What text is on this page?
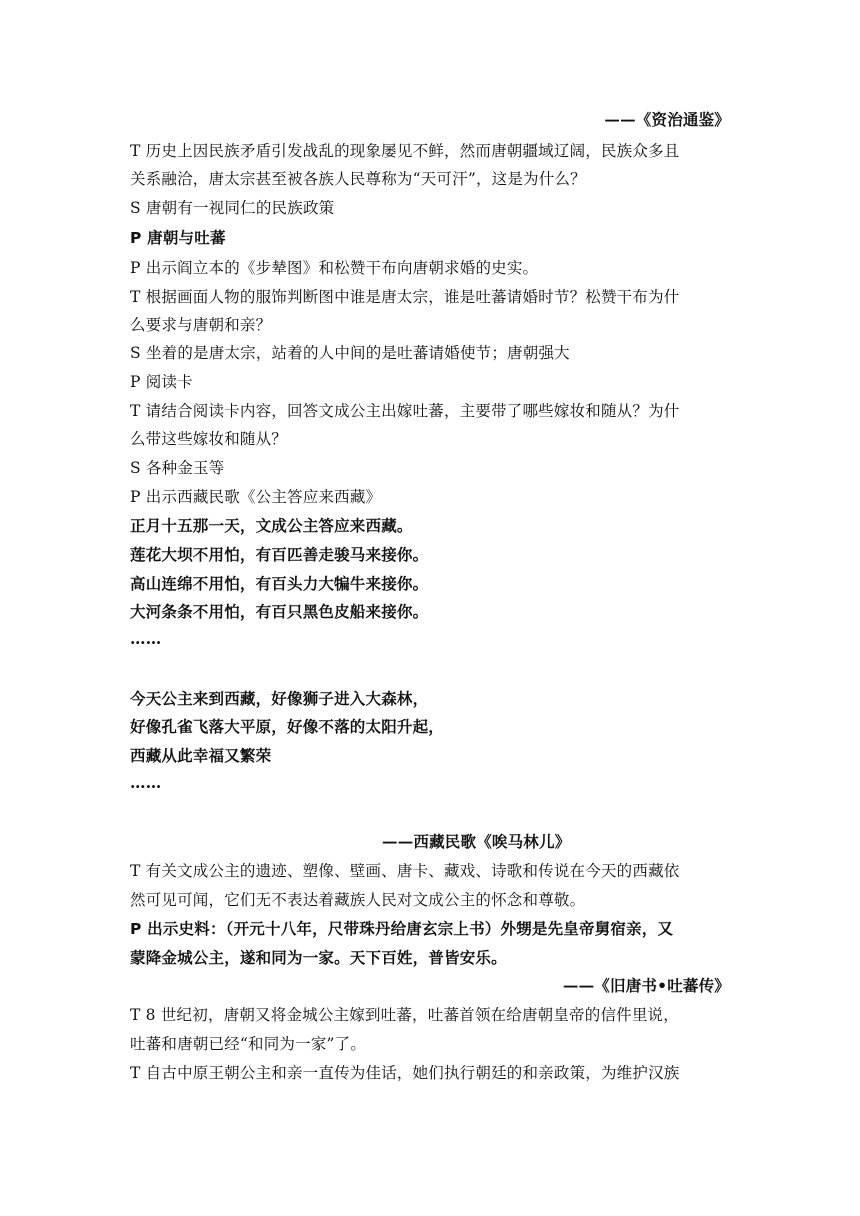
——《资治通鉴》
T 历史上因民族矛盾引发战乱的现象屡见不鲜，然而唐朝疆域辽阔，民族众多且
关系融洽，唐太宗甚至被各族人民尊称为“天可汗”，这是为什么？
S 唐朝有一视同仁的民族政策
P 唐朝与吐蕃
P 出示阎立本的《步辇图》和松赞干布向唐朝求婚的史实。
T 根据画面人物的服饰判断图中谁是唐太宗，谁是吐蕃请婚时节？松赞干布为什
么要求与唐朝和亲？
S 坐着的是唐太宗，站着的人中间的是吐蕃请婚使节；唐朝强大
P 阅读卡
T 请结合阅读卡内容，回答文成公主出嫁吐蕃，主要带了哪些嫁妆和随从？为什
么带这些嫁妆和随从？
S 各种金玉等
P 出示西藏民歌《公主答应来西藏》
正月十五那一天，文成公主答应来西藏。
莲花大坝不用怕，有百匹善走骏马来接你。
高山连绵不用怕，有百头力大犏牛来接你。
大河条条不用怕，有百只黑色皮船来接你。
……
今天公主来到西藏，好像狮子进入大森林，
好像孔雀飞落大平原，好像不落的太阳升起，
西藏从此幸福又繁荣
……
——西藏民歌《唉马林儿》
T 有关文成公主的遗迹、塑像、壁画、唐卡、藏戏、诗歌和传说在今天的西藏依
然可见可闻，它们无不表达着藏族人民对文成公主的怀念和尊敬。
P 出示史料：（开元十八年，尺带珠丹给唐玄宗上书）外甥是先皇帝舅宿亲，又
蒙降金城公主，遂和同为一家。天下百姓，普皆安乐。
——《旧唐书•吐蕃传》
T 8 世纪初，唐朝又将金城公主嫁到吐蕃，吐蕃首领在给唐朝皇帝的信件里说，
吐蕃和唐朝已经“和同为一家”了。
T 自古中原王朝公主和亲一直传为佳话，她们执行朝廷的和亲政策，为维护汉族
